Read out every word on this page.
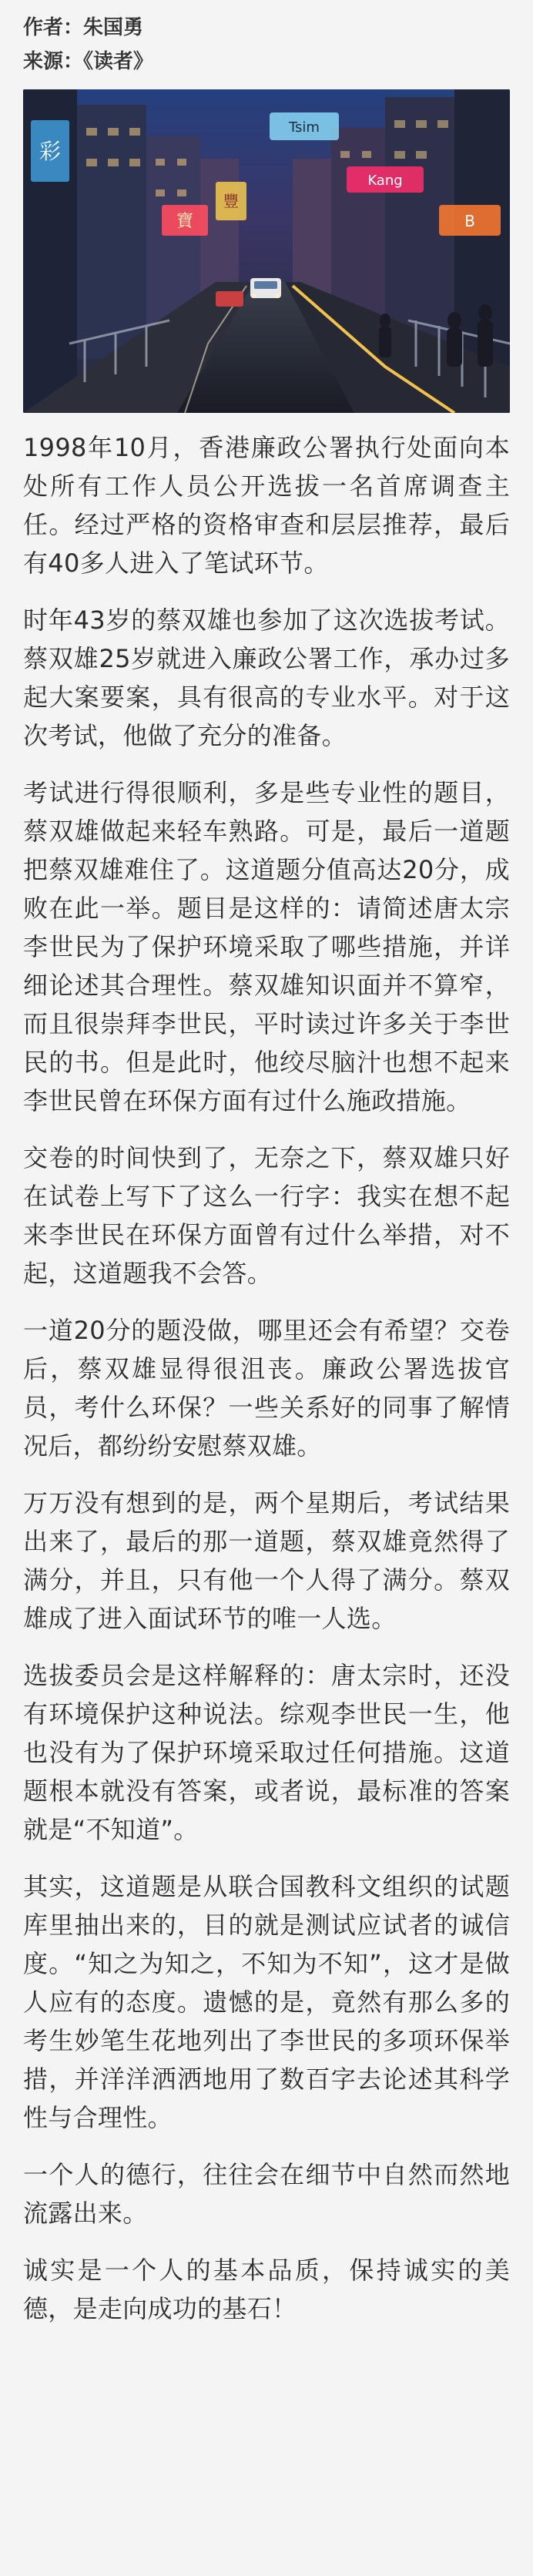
作者：朱国勇
来源：《读者》
彩
寶
Tsim
Kang
B
豐

1998年10月，香港廉政公署执行处面向本处所有工作人员公开选拔一名首席调查主任。经过严格的资格审查和层层推荐，最后有40多人进入了笔试环节。

时年43岁的蔡双雄也参加了这次选拔考试。蔡双雄25岁就进入廉政公署工作，承办过多起大案要案，具有很高的专业水平。对于这次考试，他做了充分的准备。

考试进行得很顺利，多是些专业性的题目，蔡双雄做起来轻车熟路。可是，最后一道题把蔡双雄难住了。这道题分值高达20分，成败在此一举。题目是这样的：请简述唐太宗李世民为了保护环境采取了哪些措施，并详细论述其合理性。蔡双雄知识面并不算窄，而且很崇拜李世民，平时读过许多关于李世民的书。但是此时，他绞尽脑汁也想不起来李世民曾在环保方面有过什么施政措施。

交卷的时间快到了，无奈之下，蔡双雄只好在试卷上写下了这么一行字：我实在想不起来李世民在环保方面曾有过什么举措，对不起，这道题我不会答。

一道20分的题没做，哪里还会有希望？交卷后，蔡双雄显得很沮丧。廉政公署选拔官员，考什么环保？一些关系好的同事了解情况后，都纷纷安慰蔡双雄。

万万没有想到的是，两个星期后，考试结果出来了，最后的那一道题，蔡双雄竟然得了满分，并且，只有他一个人得了满分。蔡双雄成了进入面试环节的唯一人选。

选拔委员会是这样解释的：唐太宗时，还没有环境保护这种说法。综观李世民一生，他也没有为了保护环境采取过任何措施。这道题根本就没有答案，或者说，最标准的答案就是“不知道”。

其实，这道题是从联合国教科文组织的试题库里抽出来的，目的就是测试应试者的诚信度。“知之为知之，不知为不知”，这才是做人应有的态度。遗憾的是，竟然有那么多的考生妙笔生花地列出了李世民的多项环保举措，并洋洋洒洒地用了数百字去论述其科学性与合理性。

一个人的德行，往往会在细节中自然而然地流露出来。

诚实是一个人的基本品质，保持诚实的美德，是走向成功的基石！
